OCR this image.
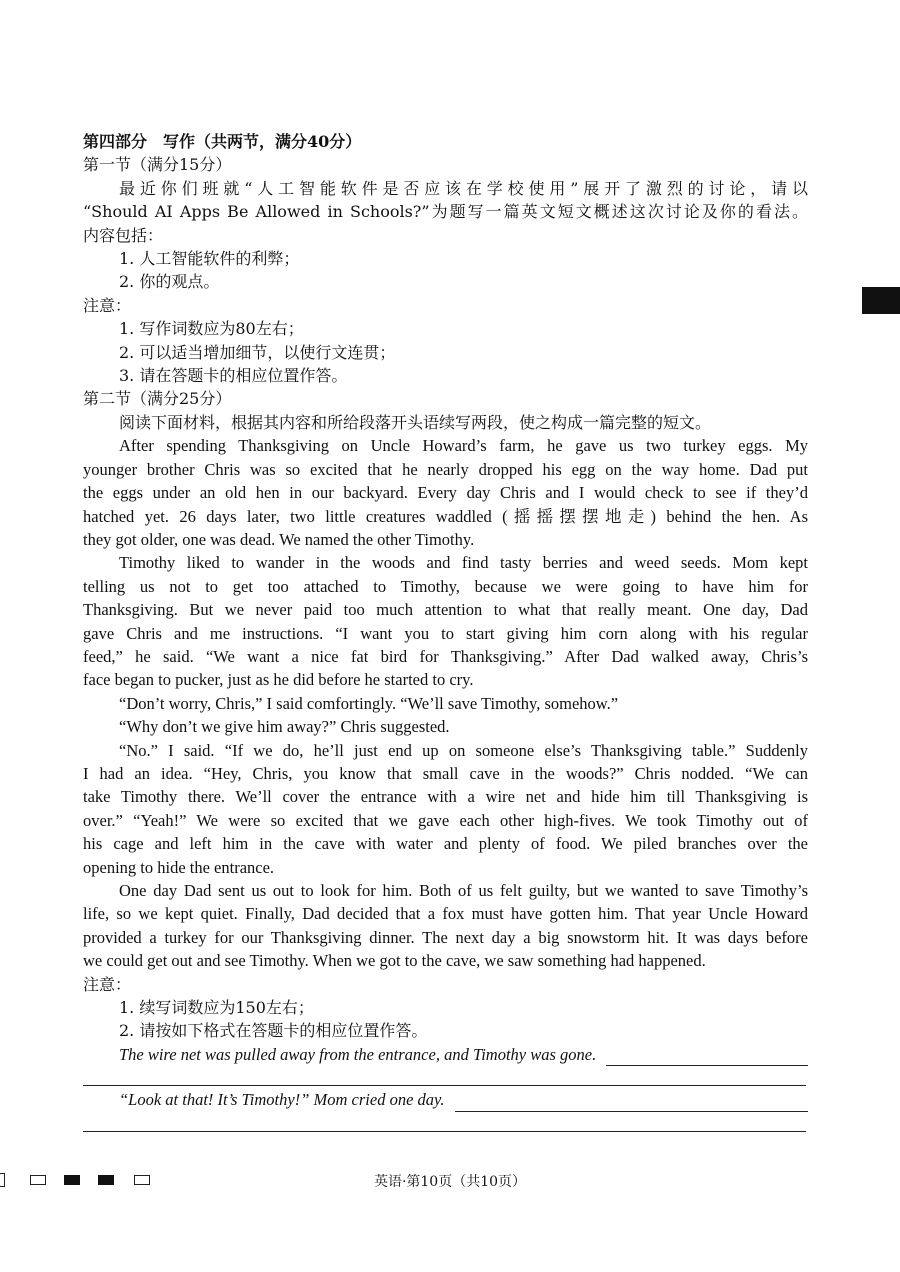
第四部分　写作（共两节，满分40分）
第一节（满分15分）
最近你们班就“人工智能软件是否应该在学校使用”展开了激烈的讨论，请以
“Should AI Apps Be Allowed in Schools?”为题写一篇英文短文概述这次讨论及你的看法。
内容包括：
1. 人工智能软件的利弊；
2. 你的观点。
注意：
1. 写作词数应为80左右；
2. 可以适当增加细节，以使行文连贯；
3. 请在答题卡的相应位置作答。
第二节（满分25分）
阅读下面材料，根据其内容和所给段落开头语续写两段，使之构成一篇完整的短文。
After spending Thanksgiving on Uncle Howard’s farm, he gave us two turkey eggs. My
younger brother Chris was so excited that he nearly dropped his egg on the way home. Dad put
the eggs under an old hen in our backyard. Every day Chris and I would check to see if they’d
hatched yet. 26 days later, two little creatures waddled (摇摇摆摆地走) behind the hen. As
they got older, one was dead. We named the other Timothy.
Timothy liked to wander in the woods and find tasty berries and weed seeds. Mom kept
telling us not to get too attached to Timothy, because we were going to have him for
Thanksgiving. But we never paid too much attention to what that really meant. One day, Dad
gave Chris and me instructions. “I want you to start giving him corn along with his regular
feed,” he said. “We want a nice fat bird for Thanksgiving.” After Dad walked away, Chris’s
face began to pucker, just as he did before he started to cry.
“Don’t worry, Chris,” I said comfortingly. “We’ll save Timothy, somehow.”
“Why don’t we give him away?” Chris suggested.
“No.” I said. “If we do, he’ll just end up on someone else’s Thanksgiving table.” Suddenly
I had an idea. “Hey, Chris, you know that small cave in the woods?” Chris nodded. “We can
take Timothy there. We’ll cover the entrance with a wire net and hide him till Thanksgiving is
over.” “Yeah!” We were so excited that we gave each other high-fives. We took Timothy out of
his cage and left him in the cave with water and plenty of food. We piled branches over the
opening to hide the entrance.
One day Dad sent us out to look for him. Both of us felt guilty, but we wanted to save Timothy’s
life, so we kept quiet. Finally, Dad decided that a fox must have gotten him. That year Uncle Howard
provided a turkey for our Thanksgiving dinner. The next day a big snowstorm hit. It was days before
we could get out and see Timothy. When we got to the cave, we saw something had happened.
注意：
1. 续写词数应为150左右；
2. 请按如下格式在答题卡的相应位置作答。
The wire net was pulled away from the entrance, and Timothy was gone.
“Look at that! It’s Timothy!” Mom cried one day.
英语·第10页（共10页）
